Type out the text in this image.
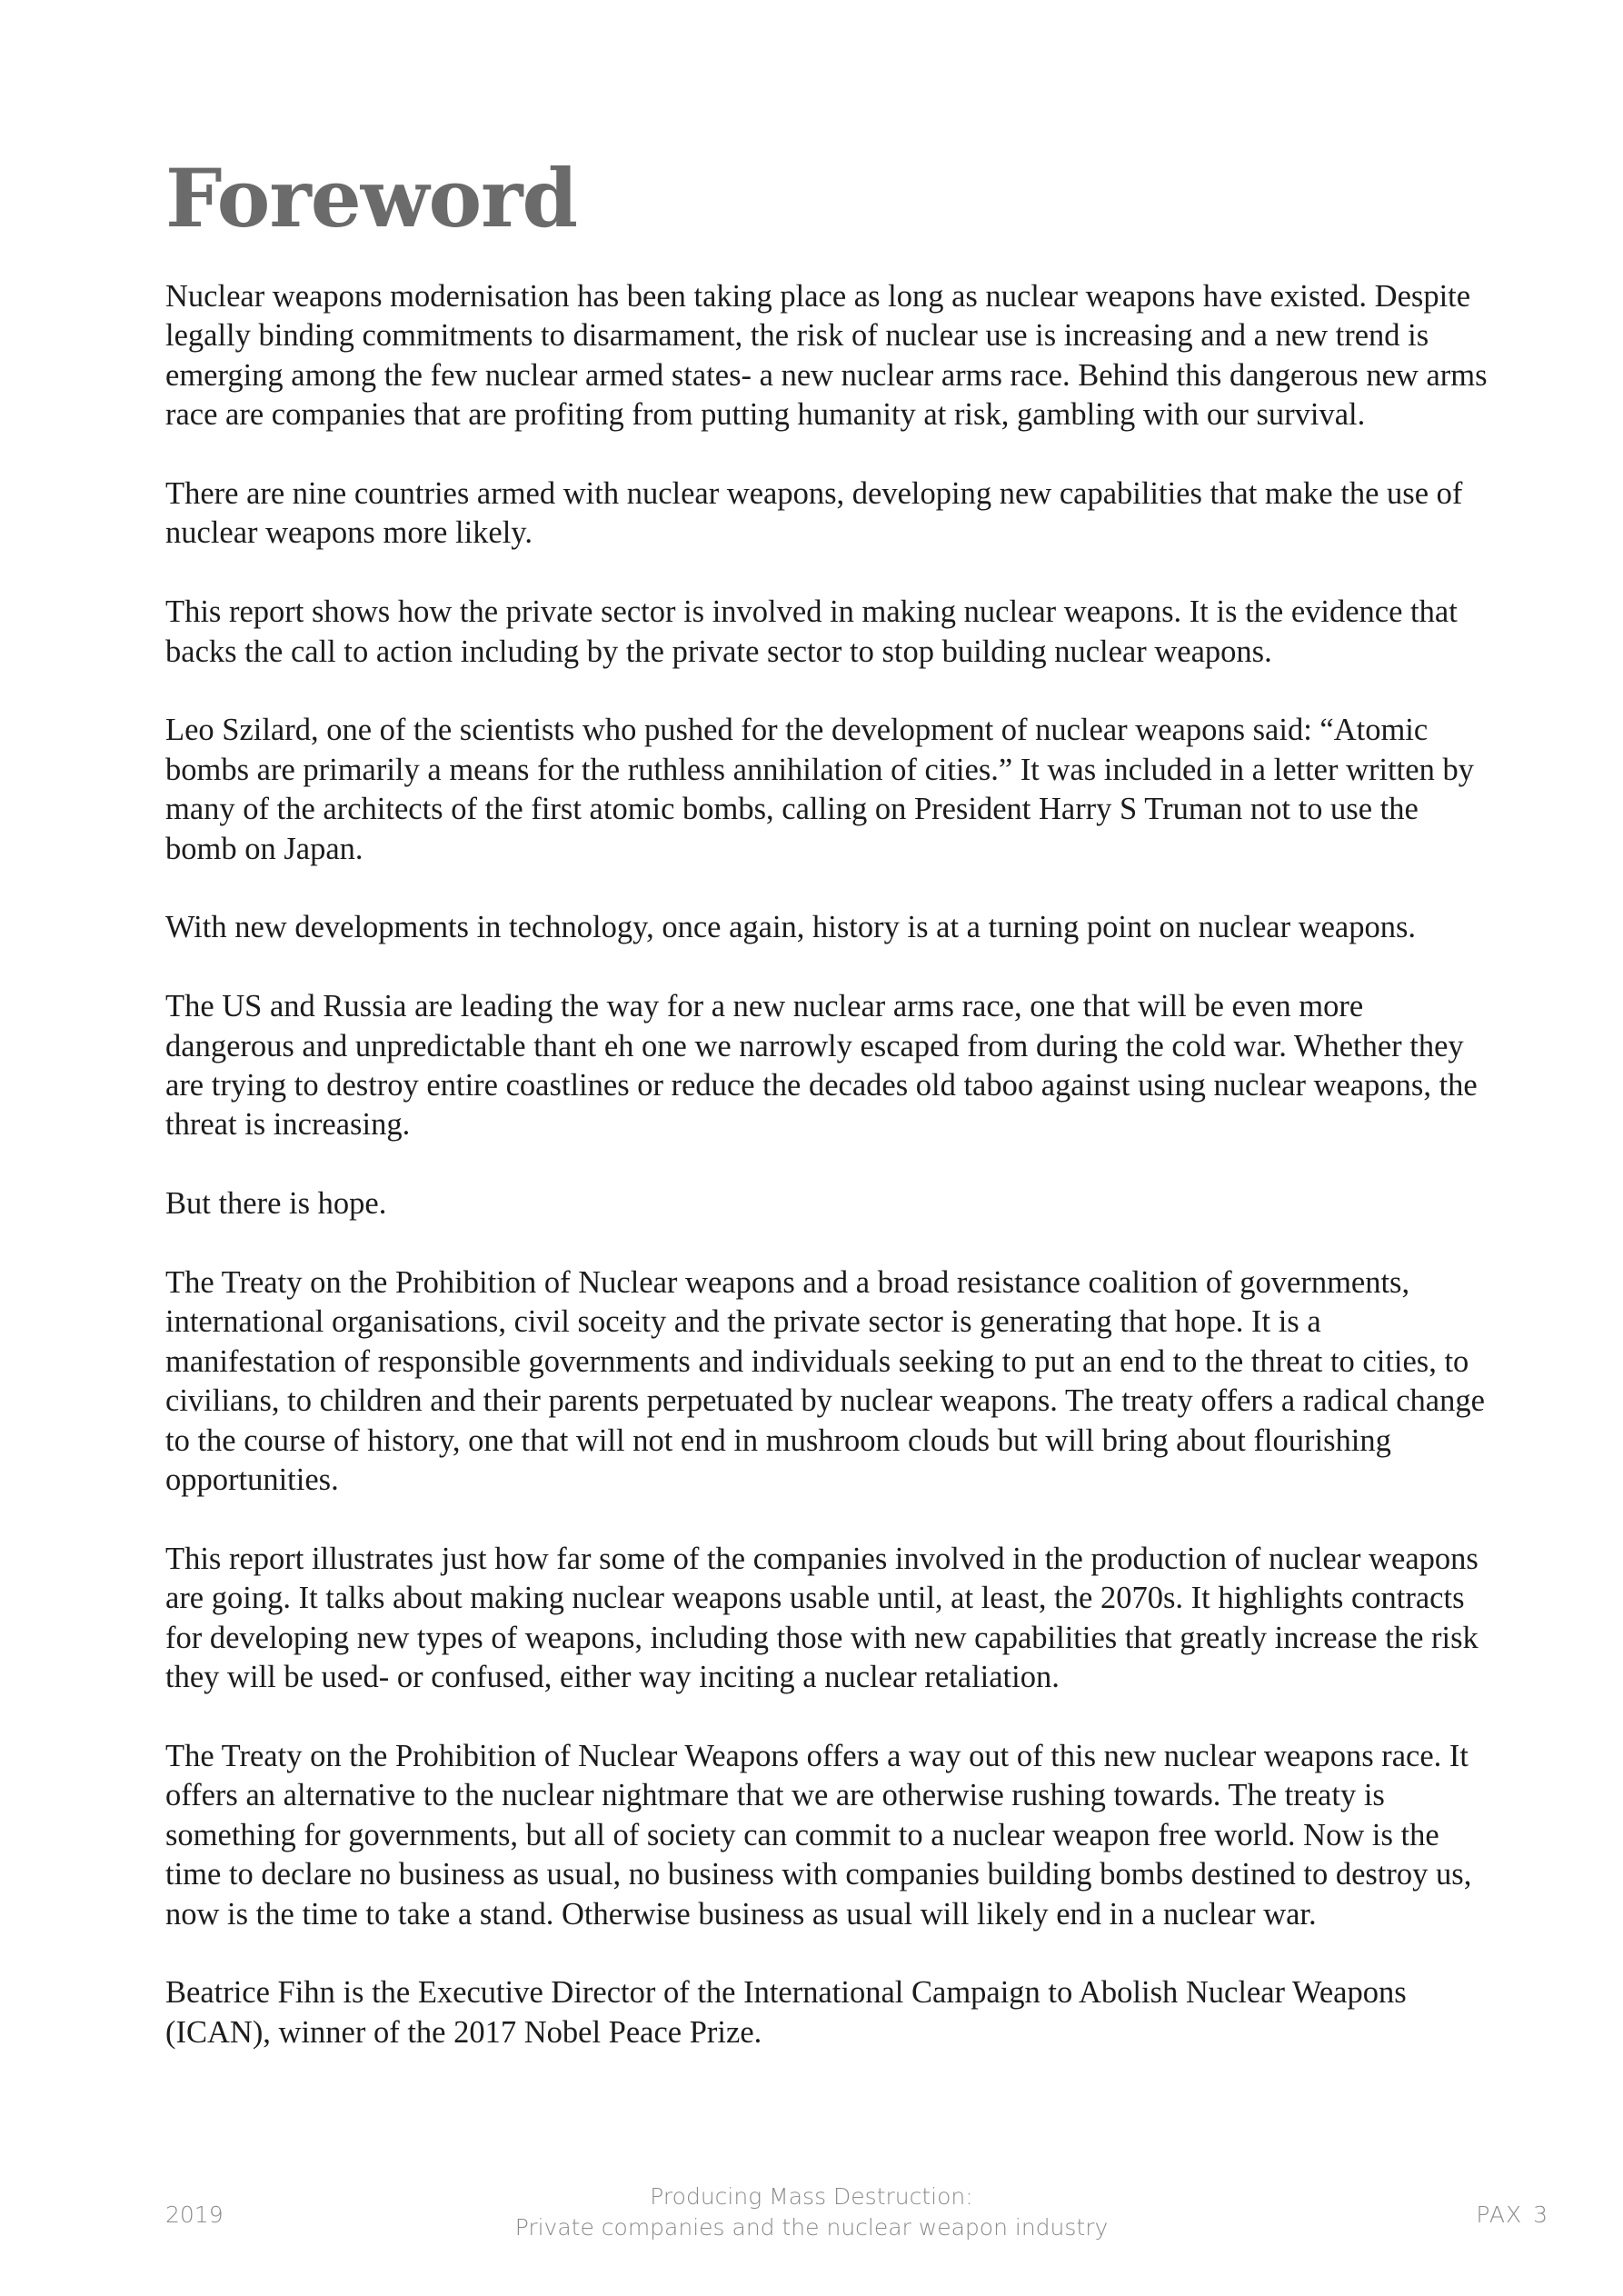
Foreword

Nuclear weapons modernisation has been taking place as long as nuclear weapons have existed. Despite legally binding commitments to disarmament, the risk of nuclear use is increasing and a new trend is emerging among the few nuclear armed states- a new nuclear arms race. Behind this dangerous new arms race are companies that are profiting from putting humanity at risk, gambling with our survival.

There are nine countries armed with nuclear weapons, developing new capabilities that make the use of nuclear weapons more likely.

This report shows how the private sector is involved in making nuclear weapons. It is the evidence that backs the call to action including by the private sector to stop building nuclear weapons.

Leo Szilard, one of the scientists who pushed for the development of nuclear weapons said: “Atomic bombs are primarily a means for the ruthless annihilation of cities.” It was included in a letter written by many of the architects of the first atomic bombs, calling on President Harry S Truman not to use the bomb on Japan.

With new developments in technology, once again, history is at a turning point on nuclear weapons.

The US and Russia are leading the way for a new nuclear arms race, one that will be even more dangerous and unpredictable thant eh one we narrowly escaped from during the cold war. Whether they are trying to destroy entire coastlines or reduce the decades old taboo against using nuclear weapons, the threat is increasing.

But there is hope.

The Treaty on the Prohibition of Nuclear weapons and a broad resistance coalition of governments, international organisations, civil soceity and the private sector is generating that hope. It is a manifestation of responsible governments and individuals seeking to put an end to the threat to cities, to civilians, to children and their parents perpetuated by nuclear weapons. The treaty offers a radical change to the course of history, one that will not end in mushroom clouds but will bring about flourishing opportunities.

This report illustrates just how far some of the companies involved in the production of nuclear weapons are going. It talks about making nuclear weapons usable until, at least, the 2070s. It highlights contracts for developing new types of weapons, including those with new capabilities that greatly increase the risk they will be used- or confused, either way inciting a nuclear retaliation.

The Treaty on the Prohibition of Nuclear Weapons offers a way out of this new nuclear weapons race. It offers an alternative to the nuclear nightmare that we are otherwise rushing towards. The treaty is something for governments, but all of society can commit to a nuclear weapon free world. Now is the time to declare no business as usual, no business with companies building bombs destined to destroy us, now is the time to take a stand. Otherwise business as usual will likely end in a nuclear war.

Beatrice Fihn is the Executive Director of the International Campaign to Abolish Nuclear Weapons (ICAN), winner of the 2017 Nobel Peace Prize.

2019
Producing Mass Destruction:
Private companies and the nuclear weapon industry	PAX 3
